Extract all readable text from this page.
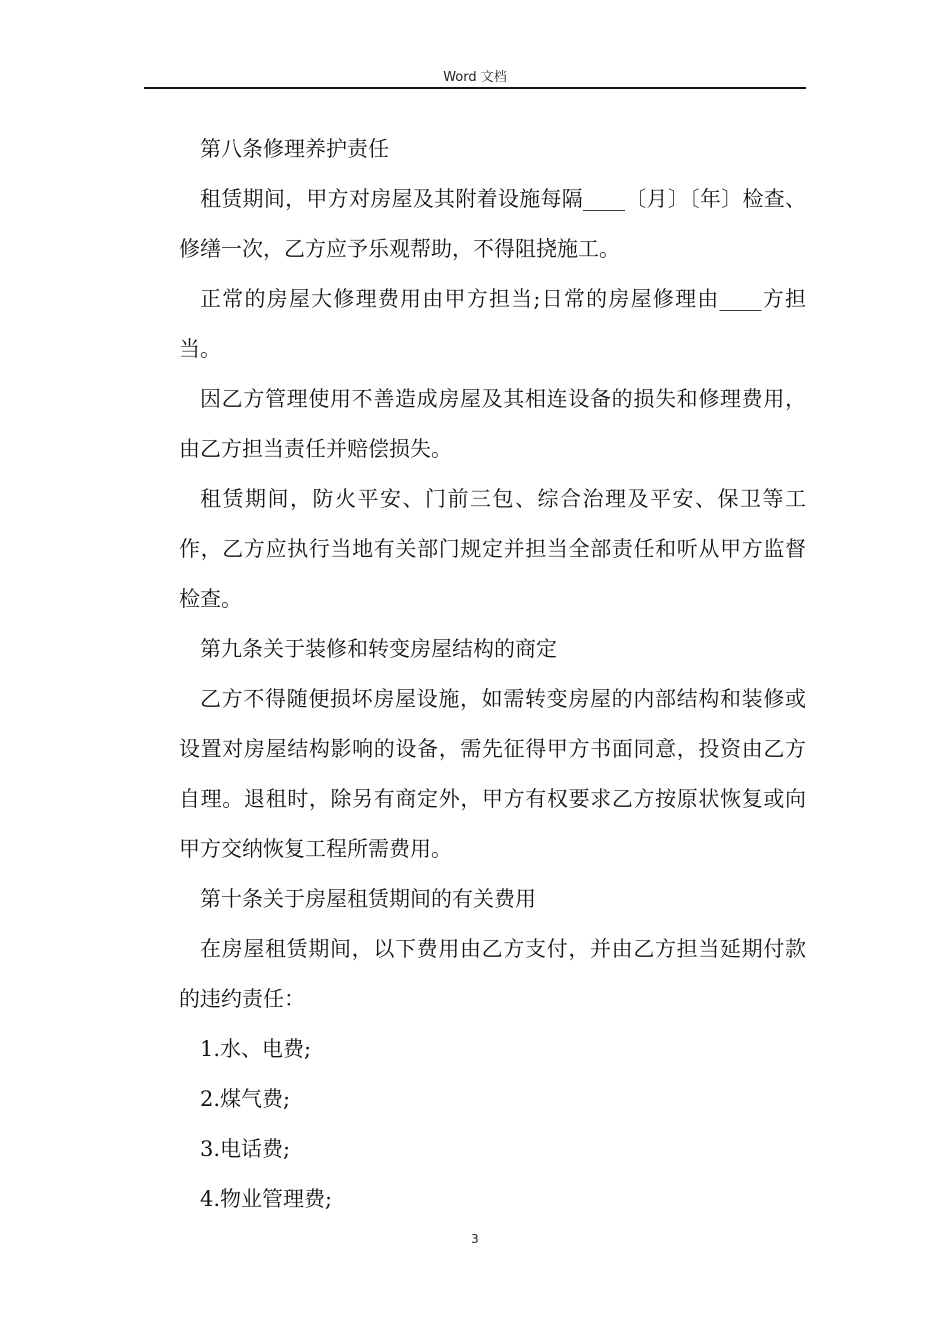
Word 文档

第八条修理养护责任

租赁期间，甲方对房屋及其附着设施每隔____〔月〕〔年〕检查、修缮一次，乙方应予乐观帮助，不得阻挠施工。

正常的房屋大修理费用由甲方担当;日常的房屋修理由____方担当。

因乙方管理使用不善造成房屋及其相连设备的损失和修理费用，由乙方担当责任并赔偿损失。

租赁期间，防火平安、门前三包、综合治理及平安、保卫等工作，乙方应执行当地有关部门规定并担当全部责任和听从甲方监督检查。

第九条关于装修和转变房屋结构的商定

乙方不得随便损坏房屋设施，如需转变房屋的内部结构和装修或设置对房屋结构影响的设备，需先征得甲方书面同意，投资由乙方自理。退租时，除另有商定外，甲方有权要求乙方按原状恢复或向甲方交纳恢复工程所需费用。

第十条关于房屋租赁期间的有关费用

在房屋租赁期间，以下费用由乙方支付，并由乙方担当延期付款的违约责任：

1.水、电费;

2.煤气费;

3.电话费;

4.物业管理费;

3
